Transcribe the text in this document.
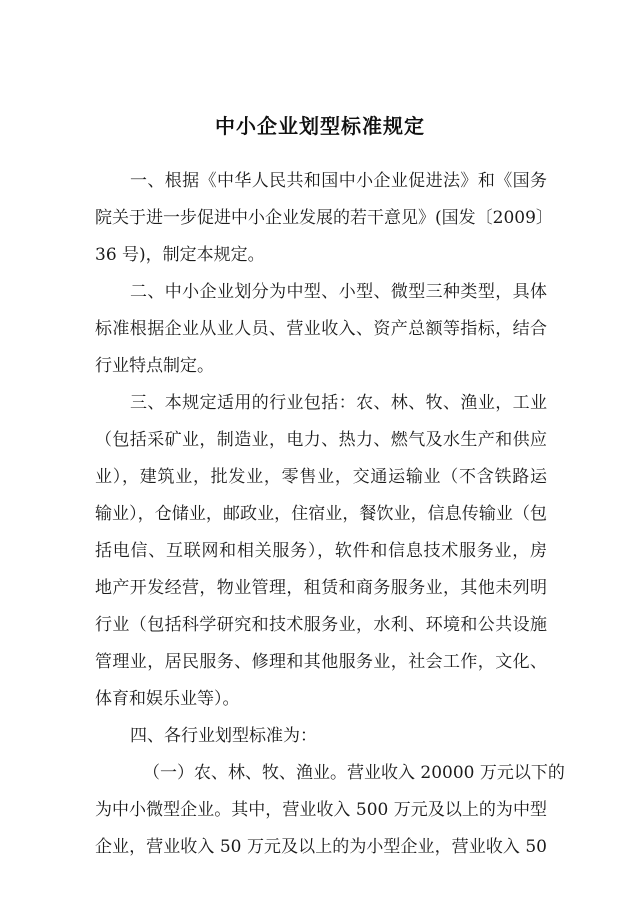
中小企业划型标准规定
一、根据《中华人民共和国中小企业促进法》和《国务
院关于进一步促进中小企业发展的若干意见》(国发〔2009〕
36 号)，制定本规定。
二、中小企业划分为中型、小型、微型三种类型，具体
标准根据企业从业人员、营业收入、资产总额等指标，结合
行业特点制定。
三、本规定适用的行业包括：农、林、牧、渔业，工业
（包括采矿业，制造业，电力、热力、燃气及水生产和供应
业），建筑业，批发业，零售业，交通运输业（不含铁路运
输业），仓储业，邮政业，住宿业，餐饮业，信息传输业（包
括电信、互联网和相关服务），软件和信息技术服务业，房
地产开发经营，物业管理，租赁和商务服务业，其他未列明
行业（包括科学研究和技术服务业，水利、环境和公共设施
管理业，居民服务、修理和其他服务业，社会工作，文化、
体育和娱乐业等）。
四、各行业划型标准为：
（一）农、林、牧、渔业。营业收入 20000 万元以下的
为中小微型企业。其中，营业收入 500 万元及以上的为中型
企业，营业收入 50 万元及以上的为小型企业，营业收入 50
